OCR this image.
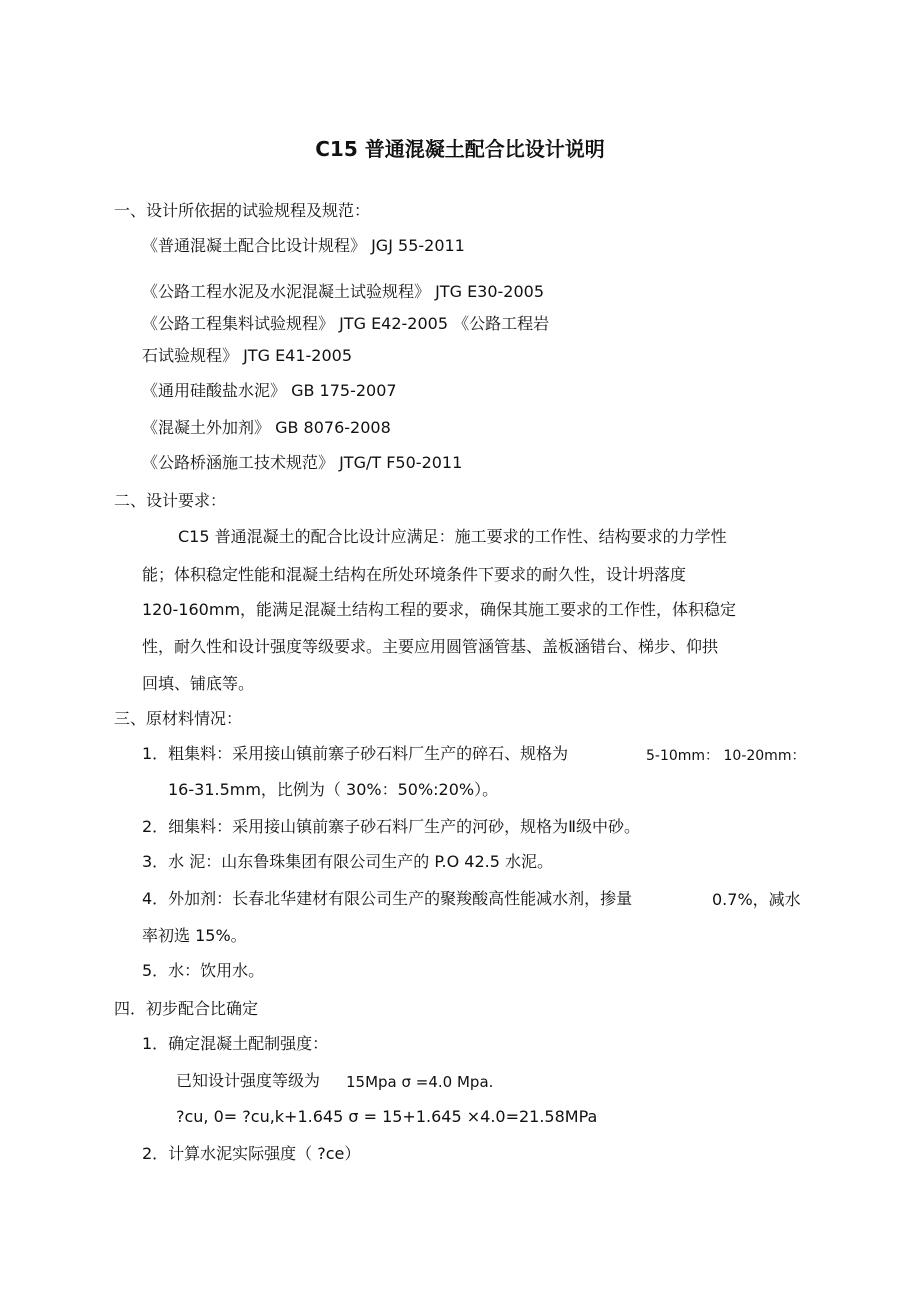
C15 普通混凝土配合比设计说明
一、设计所依据的试验规程及规范：
《普通混凝土配合比设计规程》 JGJ 55-2011
《公路工程水泥及水泥混凝土试验规程》 JTG E30-2005
《公路工程集料试验规程》 JTG E42-2005 《公路工程岩
石试验规程》 JTG E41-2005
《通用硅酸盐水泥》 GB 175-2007
《混凝土外加剂》 GB 8076-2008
《公路桥涵施工技术规范》 JTG/T F50-2011
二、设计要求：
C15 普通混凝土的配合比设计应满足：施工要求的工作性、结构要求的力学性
能；体积稳定性能和混凝土结构在所处环境条件下要求的耐久性，设计坍落度
120-160mm，能满足混凝土结构工程的要求，确保其施工要求的工作性，体积稳定
性，耐久性和设计强度等级要求。主要应用圆管涵管基、盖板涵错台、梯步、仰拱
回填、铺底等。
三、原材料情况：
1．粗集料：采用接山镇前寨子砂石料厂生产的碎石、规格为	5-10mm： 10-20mm：
16-31.5mm，比例为（ 30%：50%:20%）。
2．细集料：采用接山镇前寨子砂石料厂生产的河砂，规格为Ⅱ级中砂。
3．水 泥：山东鲁珠集团有限公司生产的 P.O 42.5 水泥。
4．外加剂：长春北华建材有限公司生产的聚羧酸高性能减水剂，掺量	0.7%，减水
率初选 15%。
5．水：饮用水。
四．初步配合比确定
1．确定混凝土配制强度：
已知设计强度等级为 15Mpa σ =4.0 Mpa.
?cu, 0= ?cu,k+1.645 σ = 15+1.645 ×4.0=21.58MPa
2．计算水泥实际强度（ ?ce）
